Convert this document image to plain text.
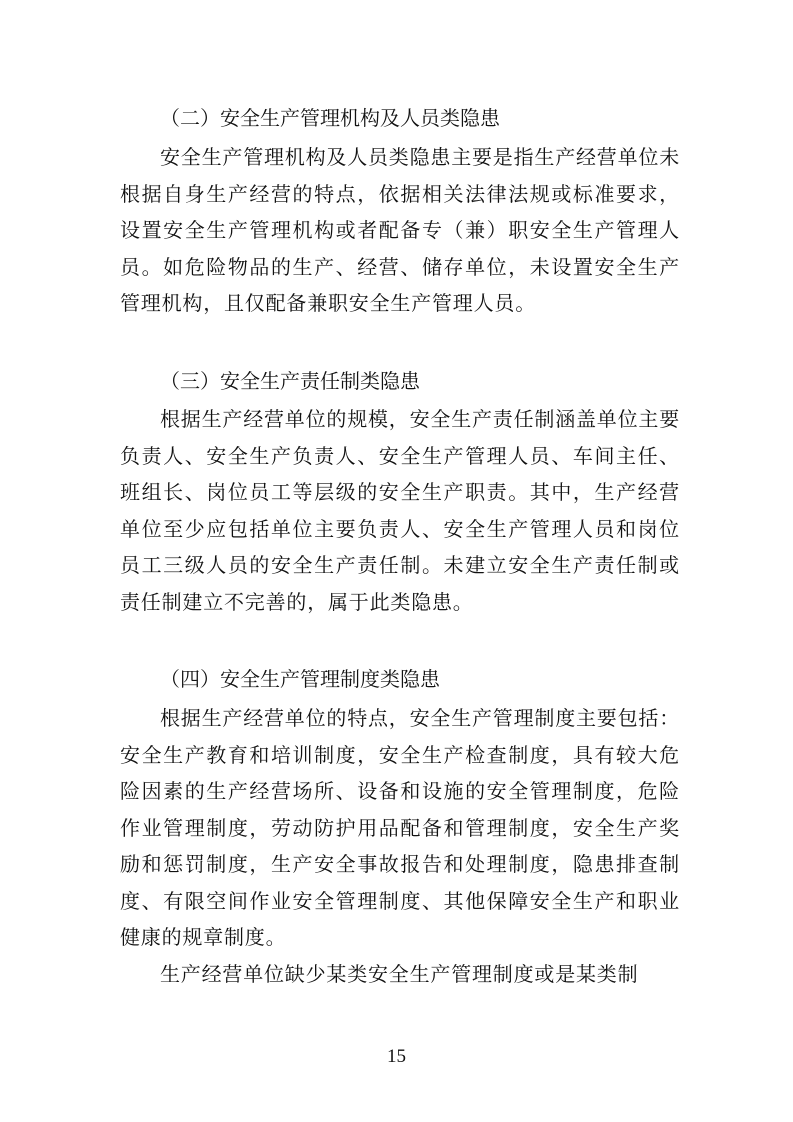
（二）安全生产管理机构及人员类隐患
安全生产管理机构及人员类隐患主要是指生产经营单位未根据自身生产经营的特点，依据相关法律法规或标准要求，设置安全生产管理机构或者配备专（兼）职安全生产管理人员。如危险物品的生产、经营、储存单位，未设置安全生产管理机构，且仅配备兼职安全生产管理人员。
（三）安全生产责任制类隐患
根据生产经营单位的规模，安全生产责任制涵盖单位主要负责人、安全生产负责人、安全生产管理人员、车间主任、班组长、岗位员工等层级的安全生产职责。其中，生产经营单位至少应包括单位主要负责人、安全生产管理人员和岗位员工三级人员的安全生产责任制。未建立安全生产责任制或责任制建立不完善的，属于此类隐患。
（四）安全生产管理制度类隐患
根据生产经营单位的特点，安全生产管理制度主要包括：安全生产教育和培训制度，安全生产检查制度，具有较大危险因素的生产经营场所、设备和设施的安全管理制度，危险作业管理制度，劳动防护用品配备和管理制度，安全生产奖励和惩罚制度，生产安全事故报告和处理制度，隐患排查制度、有限空间作业安全管理制度、其他保障安全生产和职业健康的规章制度。
生产经营单位缺少某类安全生产管理制度或是某类制
15
